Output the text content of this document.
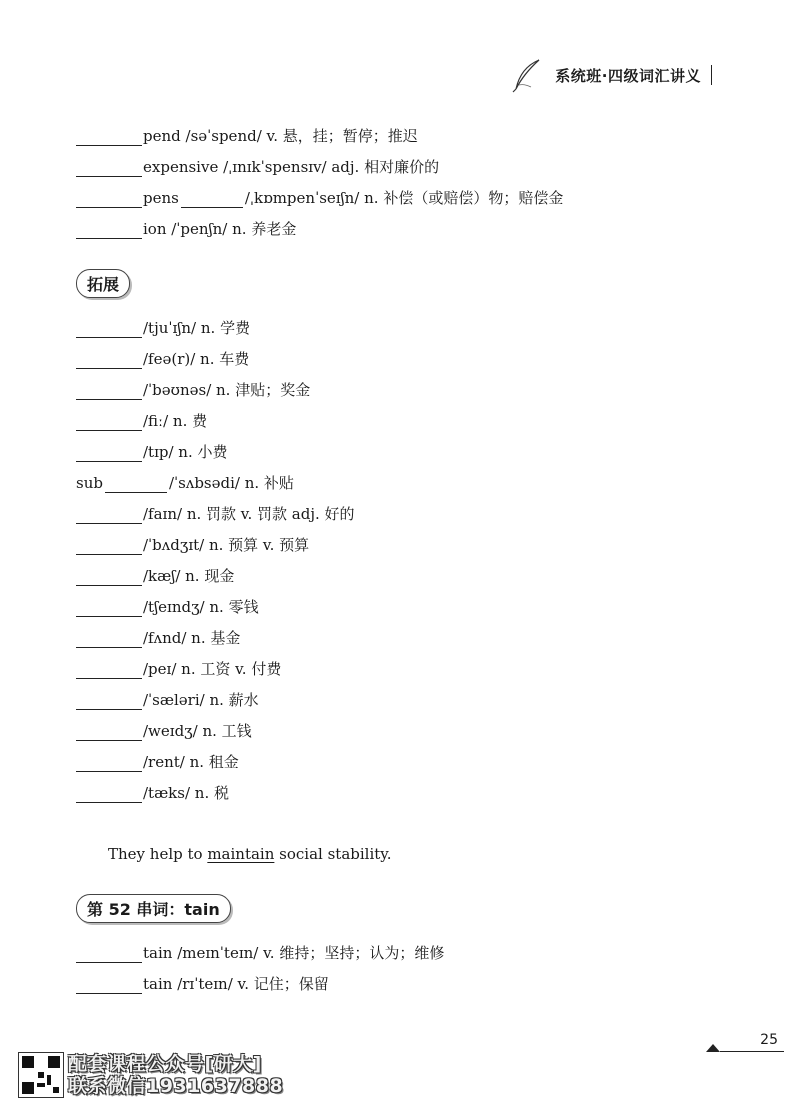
系统班·四级词汇讲义
pend /səˈspend/ v. 悬，挂；暂停；推迟
expensive /ˌɪnɪkˈspensɪv/ adj. 相对廉价的
pens	/ˌkɒmpenˈseɪʃn/ n. 补偿（或赔偿）物；赔偿金
ion /ˈpenʃn/ n. 养老金
拓展
/tjuˈɪʃn/ n. 学费
/feə(r)/ n. 车费
/ˈbəʊnəs/ n. 津贴；奖金
/fiː/ n. 费
/tɪp/ n. 小费
sub	/ˈsʌbsədi/ n. 补贴
/faɪn/ n. 罚款 v. 罚款 adj. 好的
/ˈbʌdʒɪt/ n. 预算 v. 预算
/kæʃ/ n. 现金
/tʃeɪndʒ/ n. 零钱
/fʌnd/ n. 基金
/peɪ/ n. 工资 v. 付费
/ˈsæləri/ n. 薪水
/weɪdʒ/ n. 工钱
/rent/ n. 租金
/tæks/ n. 税
They help to maintain social stability.
第 52 串词：tain
tain /meɪnˈteɪn/ v. 维持；坚持；认为；维修
tain /rɪˈteɪn/ v. 记住；保留
25
配套课程公众号[研大]
联系微信1931637888
